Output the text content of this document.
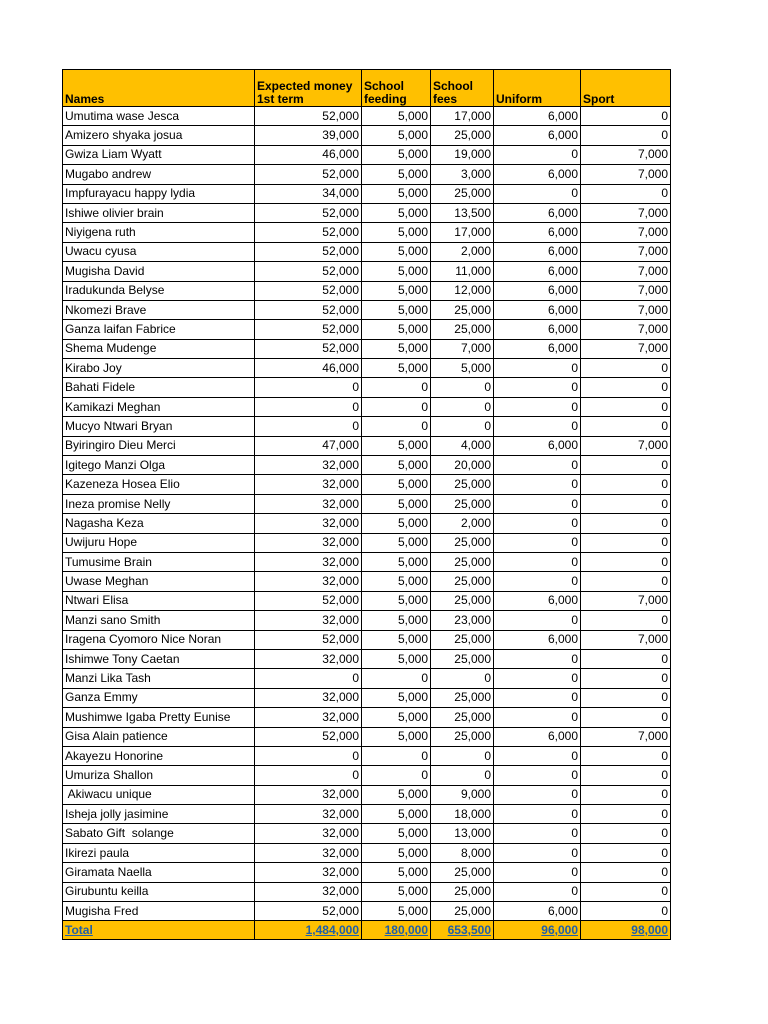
Names	Expected money 1st term	School feeding	School fees	Uniform	Sport
Umutima wase Jesca	52,000	5,000	17,000	6,000	0
Amizero shyaka josua	39,000	5,000	25,000	6,000	0
Gwiza Liam Wyatt	46,000	5,000	19,000	0	7,000
Mugabo andrew	52,000	5,000	3,000	6,000	7,000
Impfurayacu happy lydia	34,000	5,000	25,000	0	0
Ishiwe olivier brain	52,000	5,000	13,500	6,000	7,000
Niyigena ruth	52,000	5,000	17,000	6,000	7,000
Uwacu cyusa	52,000	5,000	2,000	6,000	7,000
Mugisha David	52,000	5,000	11,000	6,000	7,000
Iradukunda Belyse	52,000	5,000	12,000	6,000	7,000
Nkomezi Brave	52,000	5,000	25,000	6,000	7,000
Ganza laifan Fabrice	52,000	5,000	25,000	6,000	7,000
Shema Mudenge	52,000	5,000	7,000	6,000	7,000
Kirabo Joy	46,000	5,000	5,000	0	0
Bahati Fidele	0	0	0	0	0
Kamikazi Meghan	0	0	0	0	0
Mucyo Ntwari Bryan	0	0	0	0	0
Byiringiro Dieu Merci	47,000	5,000	4,000	6,000	7,000
Igitego Manzi Olga	32,000	5,000	20,000	0	0
Kazeneza Hosea Elio	32,000	5,000	25,000	0	0
Ineza promise Nelly	32,000	5,000	25,000	0	0
Nagasha Keza	32,000	5,000	2,000	0	0
Uwijuru Hope	32,000	5,000	25,000	0	0
Tumusime Brain	32,000	5,000	25,000	0	0
Uwase Meghan	32,000	5,000	25,000	0	0
Ntwari Elisa	52,000	5,000	25,000	6,000	7,000
Manzi sano Smith	32,000	5,000	23,000	0	0
Iragena Cyomoro Nice Noran	52,000	5,000	25,000	6,000	7,000
Ishimwe Tony Caetan	32,000	5,000	25,000	0	0
Manzi Lika Tash	0	0	0	0	0
Ganza Emmy	32,000	5,000	25,000	0	0
Mushimwe Igaba Pretty Eunise	32,000	5,000	25,000	0	0
Gisa Alain patience	52,000	5,000	25,000	6,000	7,000
Akayezu Honorine	0	0	0	0	0
Umuriza Shallon	0	0	0	0	0
Akiwacu unique	32,000	5,000	9,000	0	0
Isheja jolly jasimine	32,000	5,000	18,000	0	0
Sabato Gift  solange	32,000	5,000	13,000	0	0
Ikirezi paula	32,000	5,000	8,000	0	0
Giramata Naella	32,000	5,000	25,000	0	0
Girubuntu keilla	32,000	5,000	25,000	0	0
Mugisha Fred	52,000	5,000	25,000	6,000	0
Total	1,484,000	180,000	653,500	96,000	98,000
